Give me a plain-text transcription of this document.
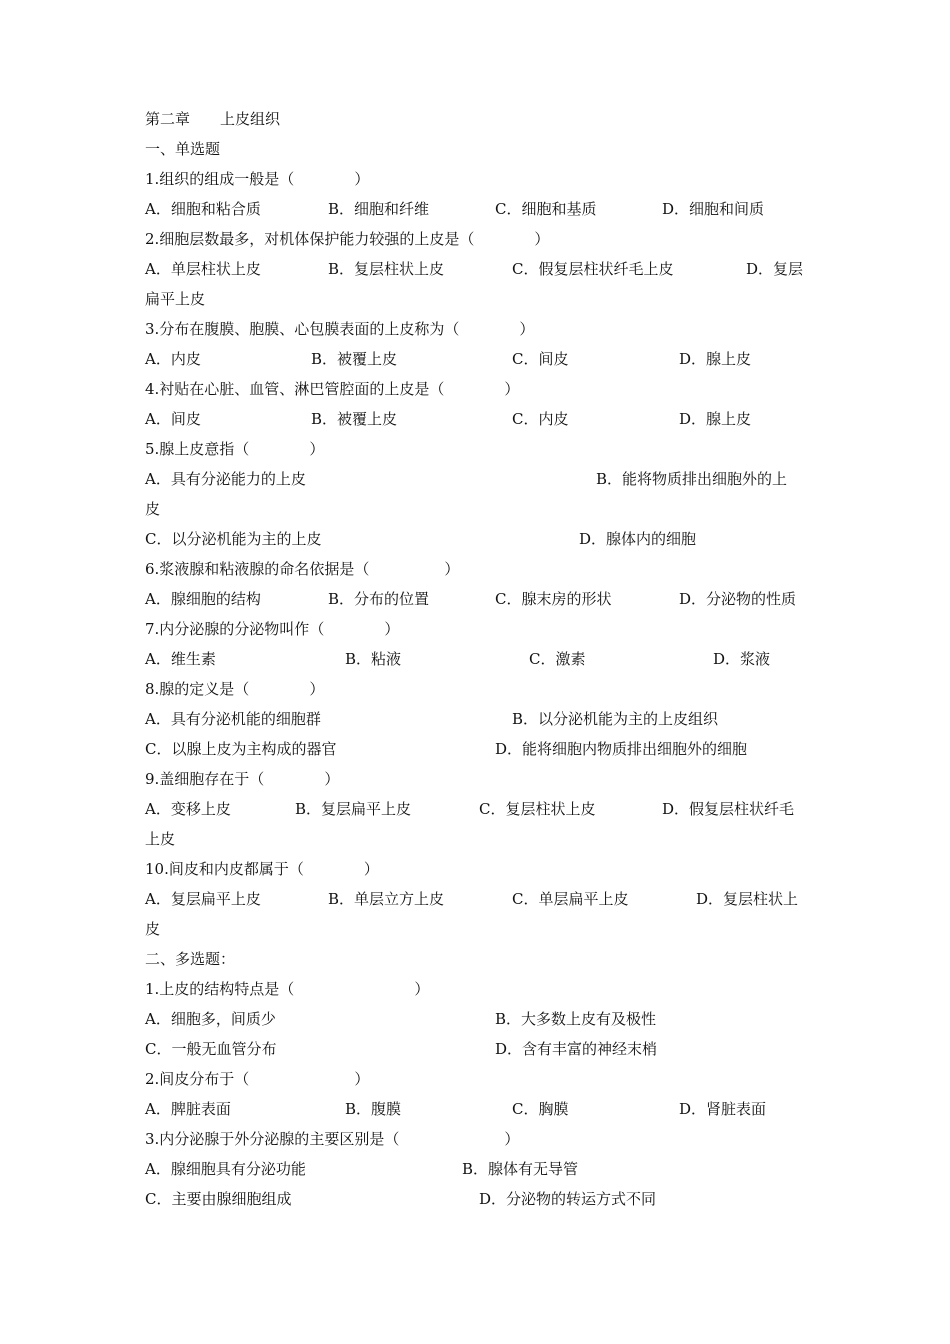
第二章　　上皮组织
一、单选题
1.组织的组成一般是（　　　　）

A．细胞和粘合质

	B．细胞和纤维

	C．细胞和基质

	D．细胞和间质

2.细胞层数最多，对机体保护能力较强的上皮是（　　　　）

A．单层柱状上皮

	B．复层柱状上皮

	C．假复层柱状纤毛上皮

	D．复层

扁平上皮
3.分布在腹膜、胞膜、心包膜表面的上皮称为（　　　　）

A．内皮

	B．被覆上皮

	C．间皮

	D．腺上皮

4.衬贴在心脏、血管、淋巴管腔面的上皮是（　　　　）

A．间皮

	B．被覆上皮

	C．内皮

	D．腺上皮

5.腺上皮意指（　　　　）

A．具有分泌能力的上皮

	B．能将物质排出细胞外的上

皮

C．以分泌机能为主的上皮

	D．腺体内的细胞

6.浆液腺和粘液腺的命名依据是（　　　　　）

A．腺细胞的结构

	B．分布的位置

	C．腺末房的形状

	D．分泌物的性质

7.内分泌腺的分泌物叫作（　　　　）

A．维生素

	B．粘液

	C．激素

	D．浆液

8.腺的定义是（　　　　）

A．具有分泌机能的细胞群

	B．以分泌机能为主的上皮组织

C．以腺上皮为主构成的器官

	D．能将细胞内物质排出细胞外的细胞

9.盖细胞存在于（　　　　）

A．变移上皮

	B．复层扁平上皮

	C．复层柱状上皮

	D．假复层柱状纤毛

上皮
10.间皮和内皮都属于（　　　　）

A．复层扁平上皮

	B．单层立方上皮

	C．单层扁平上皮

	D．复层柱状上

皮
二、多选题：
1.上皮的结构特点是（　　　　　　　　）

A．细胞多，间质少

	B．大多数上皮有及极性

C．一般无血管分布

	D．含有丰富的神经末梢

2.间皮分布于（　　　　　　　）

A．脾脏表面

	B．腹膜

	C．胸膜

	D．肾脏表面

3.内分泌腺于外分泌腺的主要区别是（　　　　　　　）

A．腺细胞具有分泌功能

	B．腺体有无导管

C．主要由腺细胞组成

	D．分泌物的转运方式不同
